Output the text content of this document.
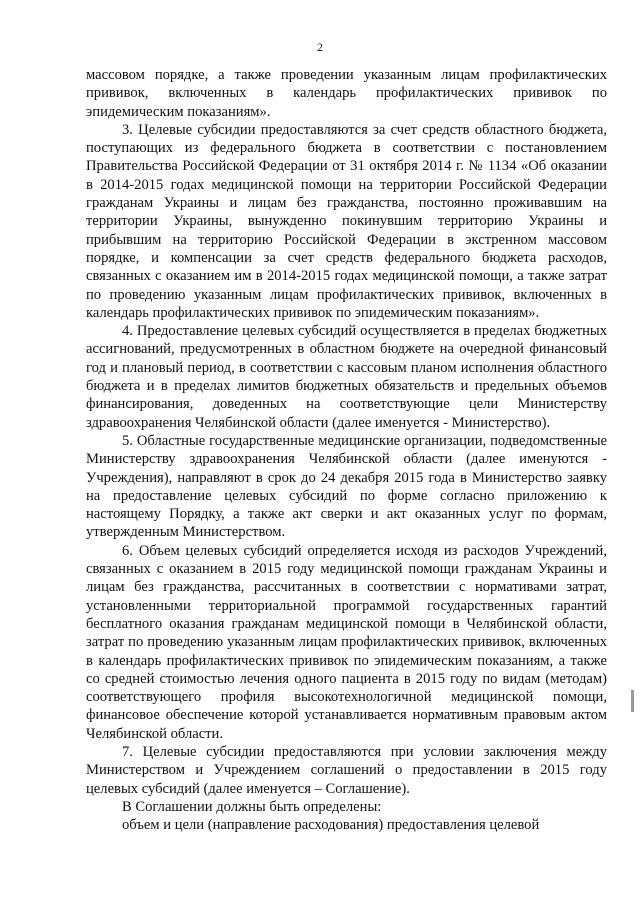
2

массовом порядке, а также проведении указанным лицам профилактических прививок, включенных в календарь профилактических прививок по эпидемическим показаниям».

3. Целевые субсидии предоставляются за счет средств областного бюджета, поступающих из федерального бюджета в соответствии с постановлением Правительства Российской Федерации от 31 октября 2014 г. № 1134 «Об оказании в 2014-2015 годах медицинской помощи на территории Российской Федерации гражданам Украины и лицам без гражданства, постоянно проживавшим на территории Украины, вынужденно покинувшим территорию Украины и прибывшим на территорию Российской Федерации в экстренном массовом порядке, и компенсации за счет средств федерального бюджета расходов, связанных с оказанием им в 2014-2015 годах медицинской помощи, а также затрат по проведению указанным лицам профилактических прививок, включенных в календарь профилактических прививок по эпидемическим показаниям».

4. Предоставление целевых субсидий осуществляется в пределах бюджетных ассигнований, предусмотренных в областном бюджете на очередной финансовый год и плановый период, в соответствии с кассовым планом исполнения областного бюджета и в пределах лимитов бюджетных обязательств и предельных объемов финансирования, доведенных на соответствующие цели Министерству здравоохранения Челябинской области (далее именуется - Министерство).

5. Областные государственные медицинские организации, подведомственные Министерству здравоохранения Челябинской области (далее именуются - Учреждения), направляют в срок до 24 декабря 2015 года в Министерство заявку на предоставление целевых субсидий по форме согласно приложению к настоящему Порядку, а также акт сверки и акт оказанных услуг по формам, утвержденным Министерством.

6. Объем целевых субсидий определяется исходя из расходов Учреждений, связанных с оказанием в 2015 году медицинской помощи гражданам Украины и лицам без гражданства, рассчитанных в соответствии с нормативами затрат, установленными территориальной программой государственных гарантий бесплатного оказания гражданам медицинской помощи в Челябинской области, затрат по проведению указанным лицам профилактических прививок, включенных в календарь профилактических прививок по эпидемическим показаниям, а также со средней стоимостью лечения одного пациента в 2015 году по видам (методам) соответствующего профиля высокотехнологичной медицинской помощи, финансовое обеспечение которой устанавливается нормативным правовым актом Челябинской области.

7. Целевые субсидии предоставляются при условии заключения между Министерством и Учреждением соглашений о предоставлении в 2015 году целевых субсидий (далее именуется – Соглашение).

В Соглашении должны быть определены:

объем и цели (направление расходования) предоставления целевой
